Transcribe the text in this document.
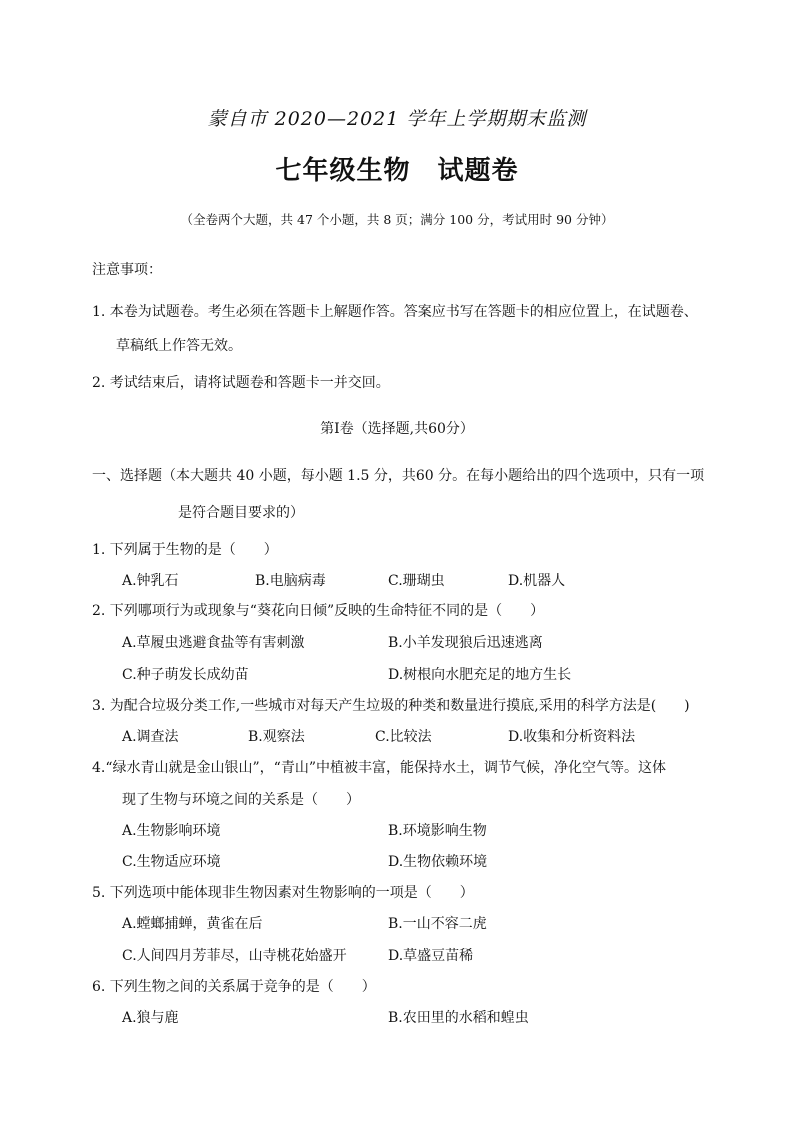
蒙自市 2020—2021 学年上学期期末监测
七年级生物　试题卷
（全卷两个大题，共 47 个小题，共 8 页；满分 100 分，考试用时 90 分钟）
注意事项：
1. 本卷为试题卷。考生必须在答题卡上解题作答。答案应书写在答题卡的相应位置上，在试题卷、
草稿纸上作答无效。
2. 考试结束后，请将试题卷和答题卡一并交回。
第Ⅰ卷（选择题,共60分）
一、选择题（本大题共 40 小题，每小题 1.5 分，共60 分。在每小题给出的四个选项中，只有一项
是符合题目要求的）
1. 下列属于生物的是（　　）
A.钟乳石	B.电脑病毒	C.珊瑚虫	D.机器人
2. 下列哪项行为或现象与“葵花向日倾”反映的生命特征不同的是（　　）
A.草履虫逃避食盐等有害刺激	B.小羊发现狼后迅速逃离
C.种子萌发长成幼苗	D.树根向水肥充足的地方生长
3. 为配合垃圾分类工作,一些城市对每天产生垃圾的种类和数量进行摸底,采用的科学方法是(　　)
A.调查法	B.观察法	C.比较法	D.收集和分析资料法
4.“绿水青山就是金山银山”，“青山”中植被丰富，能保持水土，调节气候，净化空气等。这体
现了生物与环境之间的关系是（　　）
A.生物影响环境	B.环境影响生物
C.生物适应环境	D.生物依赖环境
5. 下列选项中能体现非生物因素对生物影响的一项是（　　）
A.螳螂捕蝉，黄雀在后	B.一山不容二虎
C.人间四月芳菲尽，山寺桃花始盛开	D.草盛豆苗稀
6. 下列生物之间的关系属于竞争的是（　　）
A.狼与鹿	B.农田里的水稻和蝗虫
